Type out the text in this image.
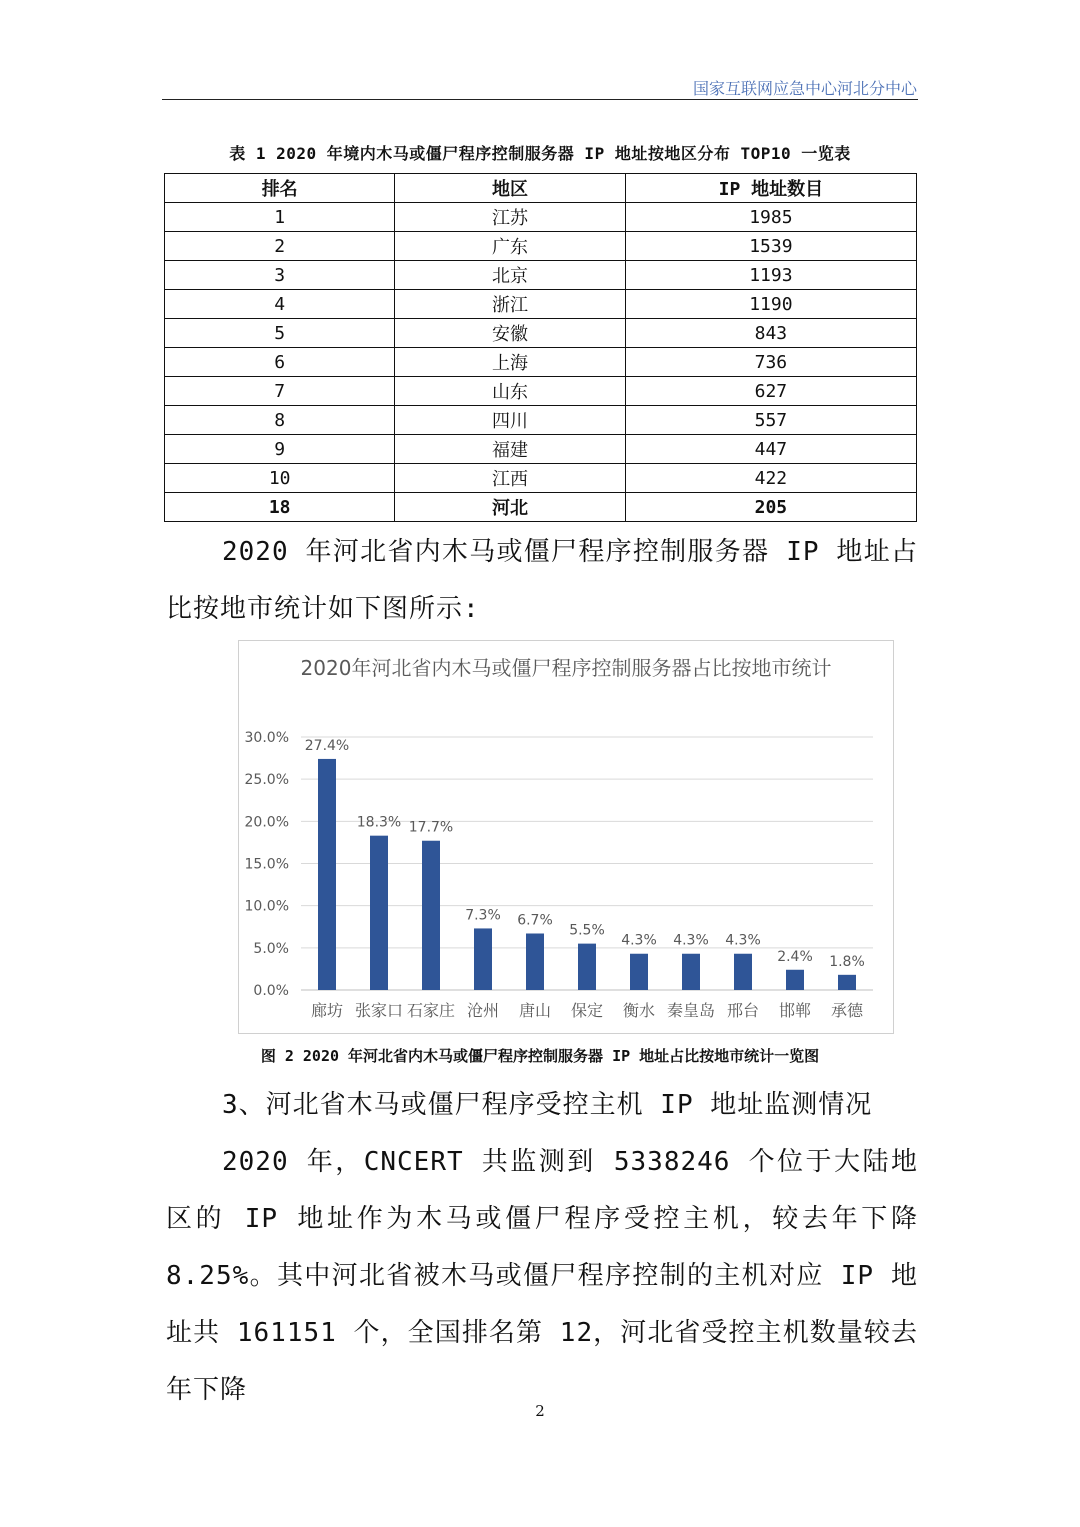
国家互联网应急中心河北分中心
表 1 2020 年境内木马或僵尸程序控制服务器 IP 地址按地区分布 TOP10 一览表
排名	地区	IP 地址数目
1	江苏	1985
2	广东	1539
3	北京	1193
4	浙江	1190
5	安徽	843
6	上海	736
7	山东	627
8	四川	557
9	福建	447
10	江西	422
18	河北	205
2020 年河北省内木马或僵尸程序控制服务器 IP 地址占比按地市统计如下图所示:
2020年河北省内木马或僵尸程序控制服务器占比按地市统计
0.0%
5.0%
10.0%
15.0%
20.0%
25.0%
30.0% 27.4%
廊坊
18.3%
张家口
17.7%
石家庄
7.3%
沧州
6.7%
唐山
5.5%
保定
4.3%
衡水
4.3%
秦皇岛
4.3%
邢台
2.4%
邯郸
1.8%
承德
图 2 2020 年河北省内木马或僵尸程序控制服务器 IP 地址占比按地市统计一览图
3、河北省木马或僵尸程序受控主机 IP 地址监测情况
2020 年，CNCERT 共监测到 5338246 个位于大陆地区的 IP 地址作为木马或僵尸程序受控主机，较去年下降 8.25%。其中河北省被木马或僵尸程序控制的主机对应 IP 地址共 161151 个，全国排名第 12，河北省受控主机数量较去年下降
2
